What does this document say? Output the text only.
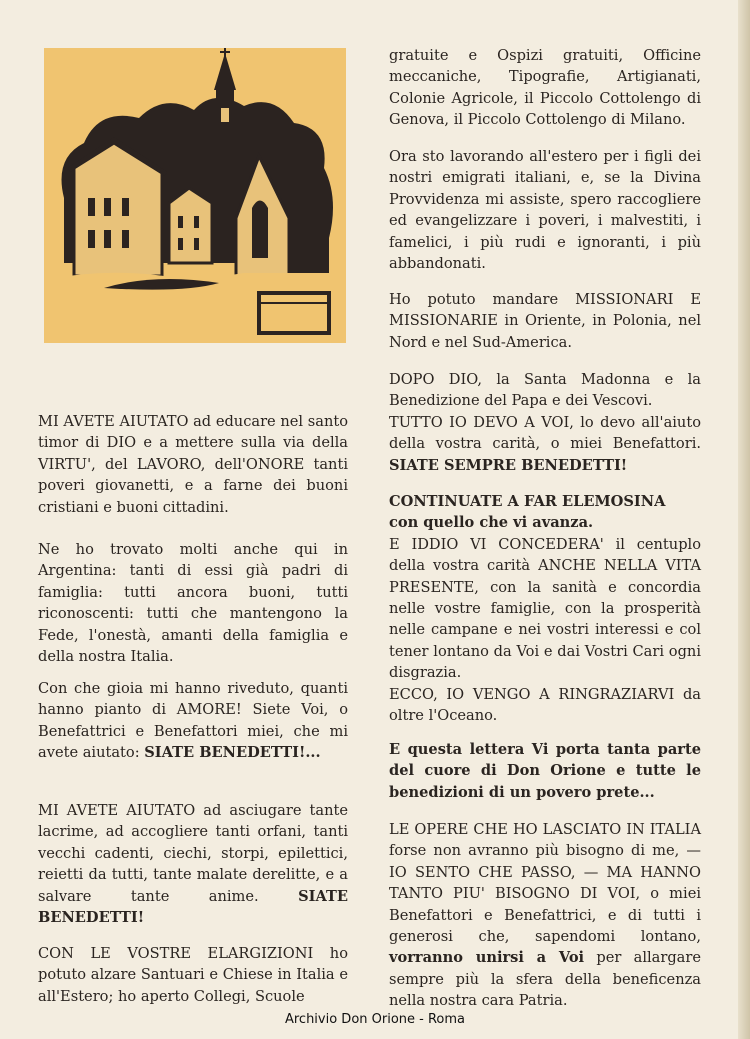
MI AVETE AIUTATO ad educare nel santo timor di DIO e a mettere sulla via della VIRTU', del LAVORO, dell'ONORE tanti poveri giovanetti, e a farne dei buoni cristiani e buoni cittadini.

Ne ho trovato molti anche qui in Argentina: tanti di essi già padri di famiglia: tutti ancora buoni, tutti riconoscenti: tutti che mantengono la Fede, l'onestà, amanti della famiglia e della nostra Italia.

Con che gioia mi hanno riveduto, quanti hanno pianto di AMORE! Siete Voi, o Benefattrici e Benefattori miei, che mi avete aiutato: SIATE BENEDETTI!...

MI AVETE AIUTATO ad asciugare tante lacrime, ad accogliere tanti orfani, tanti vecchi cadenti, ciechi, storpi, epilettici, reietti da tutti, tante malate derelitte, e a salvare tante anime. SIATE BENEDETTI!

CON LE VOSTRE ELARGIZIONI ho potuto alzare Santuari e Chiese in Italia e all'Estero; ho aperto Collegi, Scuole

gratuite e Ospizi gratuiti, Officine meccaniche, Tipografie, Artigianati, Colonie Agricole, il Piccolo Cottolengo di Genova, il Piccolo Cottolengo di Milano.

Ora sto lavorando all'estero per i figli dei nostri emigrati italiani, e, se la Divina Provvidenza mi assiste, spero raccogliere ed evangelizzare i poveri, i malvestiti, i famelici, i più rudi e ignoranti, i più abbandonati.

Ho potuto mandare MISSIONARI E MISSIONARIE in Oriente, in Polonia, nel Nord e nel Sud-America.

DOPO DIO, la Santa Madonna e la Benedizione del Papa e dei Vescovi.

TUTTO IO DEVO A VOI, lo devo all'aiuto della vostra carità, o miei Benefattori. SIATE SEMPRE BENEDETTI!

CONTINUATE A FAR ELEMOSINA

con quello che vi avanza.

E IDDIO VI CONCEDERA' il centuplo della vostra carità ANCHE NELLA VITA PRESENTE, con la sanità e concordia nelle vostre famiglie, con la prosperità nelle campane e nei vostri interessi e col tener lontano da Voi e dai Vostri Cari ogni disgrazia.

ECCO, IO VENGO A RINGRAZIARVI da oltre l'Oceano.

E questa lettera Vi porta tanta parte del cuore di Don Orione e tutte le benedizioni di un povero prete...

LE OPERE CHE HO LASCIATO IN ITALIA forse non avranno più bisogno di me, — IO SENTO CHE PASSO, — MA HANNO TANTO PIU' BISOGNO DI VOI, o miei Benefattori e Benefattrici, e di tutti i generosi che, sapendomi lontano, vorranno unirsi a Voi per allargare sempre più la sfera della beneficenza nella nostra cara Patria.

Archivio Don Orione - Roma
